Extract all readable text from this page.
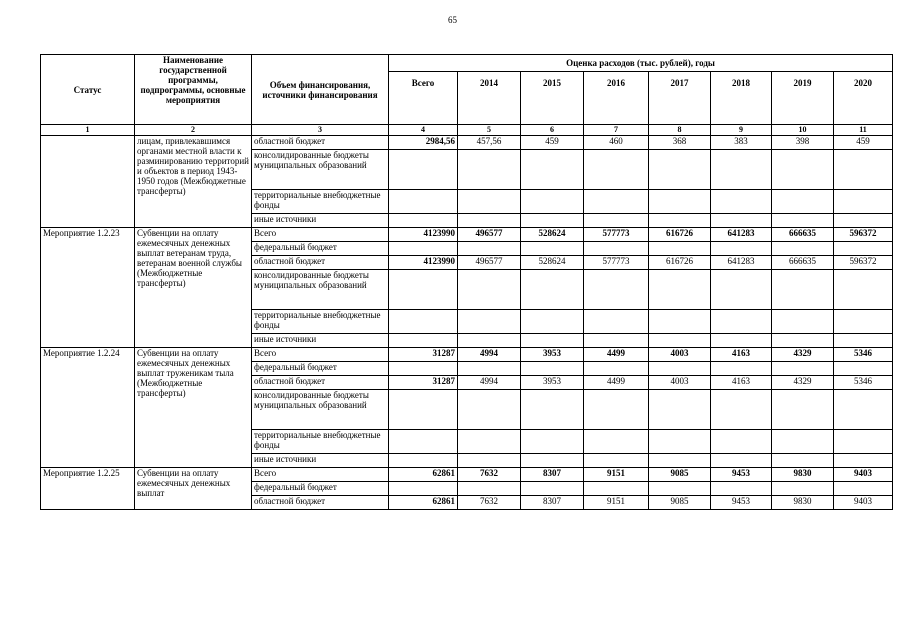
65
Статус	Наименование государственной программы, подпрограммы, основные мероприятия	Объем финансирования, источники финансирования	Оценка расходов (тыс. рублей), годы							
			Всего	2014	2015	2016	2017	2018	2019	2020
1	2	3	4	5	6	7	8	9	10	11
	лицам, привлекавшимся органами местной власти к разминированию территорий и объектов в период 1943-1950 годов (Межбюджетные трансферты)	областной бюджет	2984,56	457,56	459	460	368	383	398	459
		консолидированные бюджеты муниципальных образований								
		территориальные внебюджетные фонды								
		иные источники								
Мероприятие 1.2.23	Субвенции на оплату ежемесячных денежных выплат ветеранам труда, ветеранам военной службы (Межбюджетные трансферты)	Всего	4123990	496577	528624	577773	616726	641283	666635	596372
		федеральный бюджет								
		областной бюджет	4123990	496577	528624	577773	616726	641283	666635	596372
		консолидированные бюджеты муниципальных образований								
		территориальные внебюджетные фонды								
		иные источники								
Мероприятие 1.2.24	Субвенции на оплату ежемесячных денежных выплат труженикам тыла (Межбюджетные трансферты)	Всего	31287	4994	3953	4499	4003	4163	4329	5346
		федеральный бюджет								
		областной бюджет	31287	4994	3953	4499	4003	4163	4329	5346
		консолидированные бюджеты муниципальных образований								
		территориальные внебюджетные фонды								
		иные источники								
Мероприятие 1.2.25	Субвенции на оплату ежемесячных денежных выплат	Всего	62861	7632	8307	9151	9085	9453	9830	9403
		федеральный бюджет								
		областной бюджет	62861	7632	8307	9151	9085	9453	9830	9403
